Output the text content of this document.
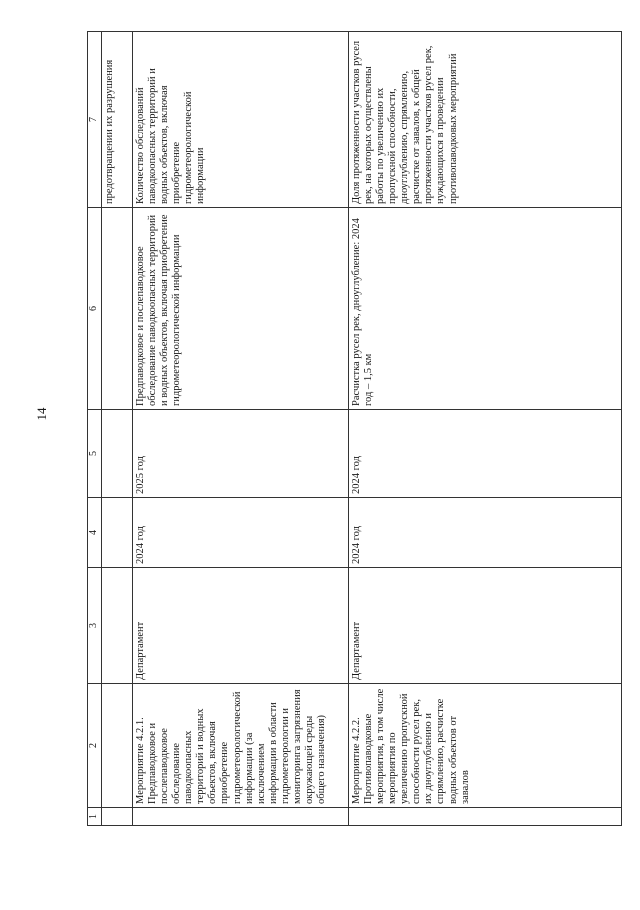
14
1	2	3	4	5	6	7
						предотвращении их разрушения
	Мероприятие 4.2.1. Предпаводковое и послепаводковое обследование паводкоопасных территорий и водных объектов, включая приобретение гидрометеорологической информации (за исключением информации в области гидрометеорологии и мониторинга загрязнения окружающей среды общего назначения)	Департамент	2024 год	2025 год	Предпаводковое и послепаводковое обследование паводкоопасных территорий и водных объектов, включая приобретение гидрометеорологической информации	Количество обследований паводкоопасных территорий и водных объектов, включая приобретение гидрометеорологической информации
	Мероприятие 4.2.2. Противопаводковые мероприятия, в том числе мероприятия по увеличению пропускной способности русел рек, их дноуглублению и спрямлению, расчистке водных объектов от завалов	Департамент	2024 год	2024 год	Расчистка русел рек, дноуглубление: 2024 год – 1,5 км	Доля протяженности участков русел рек, на которых осуществлены работы по увеличению их пропускной способности, дноуглублению, спрямлению, расчистке от завалов, к общей протяженности участков русел рек, нуждающихся в проведении противопаводковых мероприятий
